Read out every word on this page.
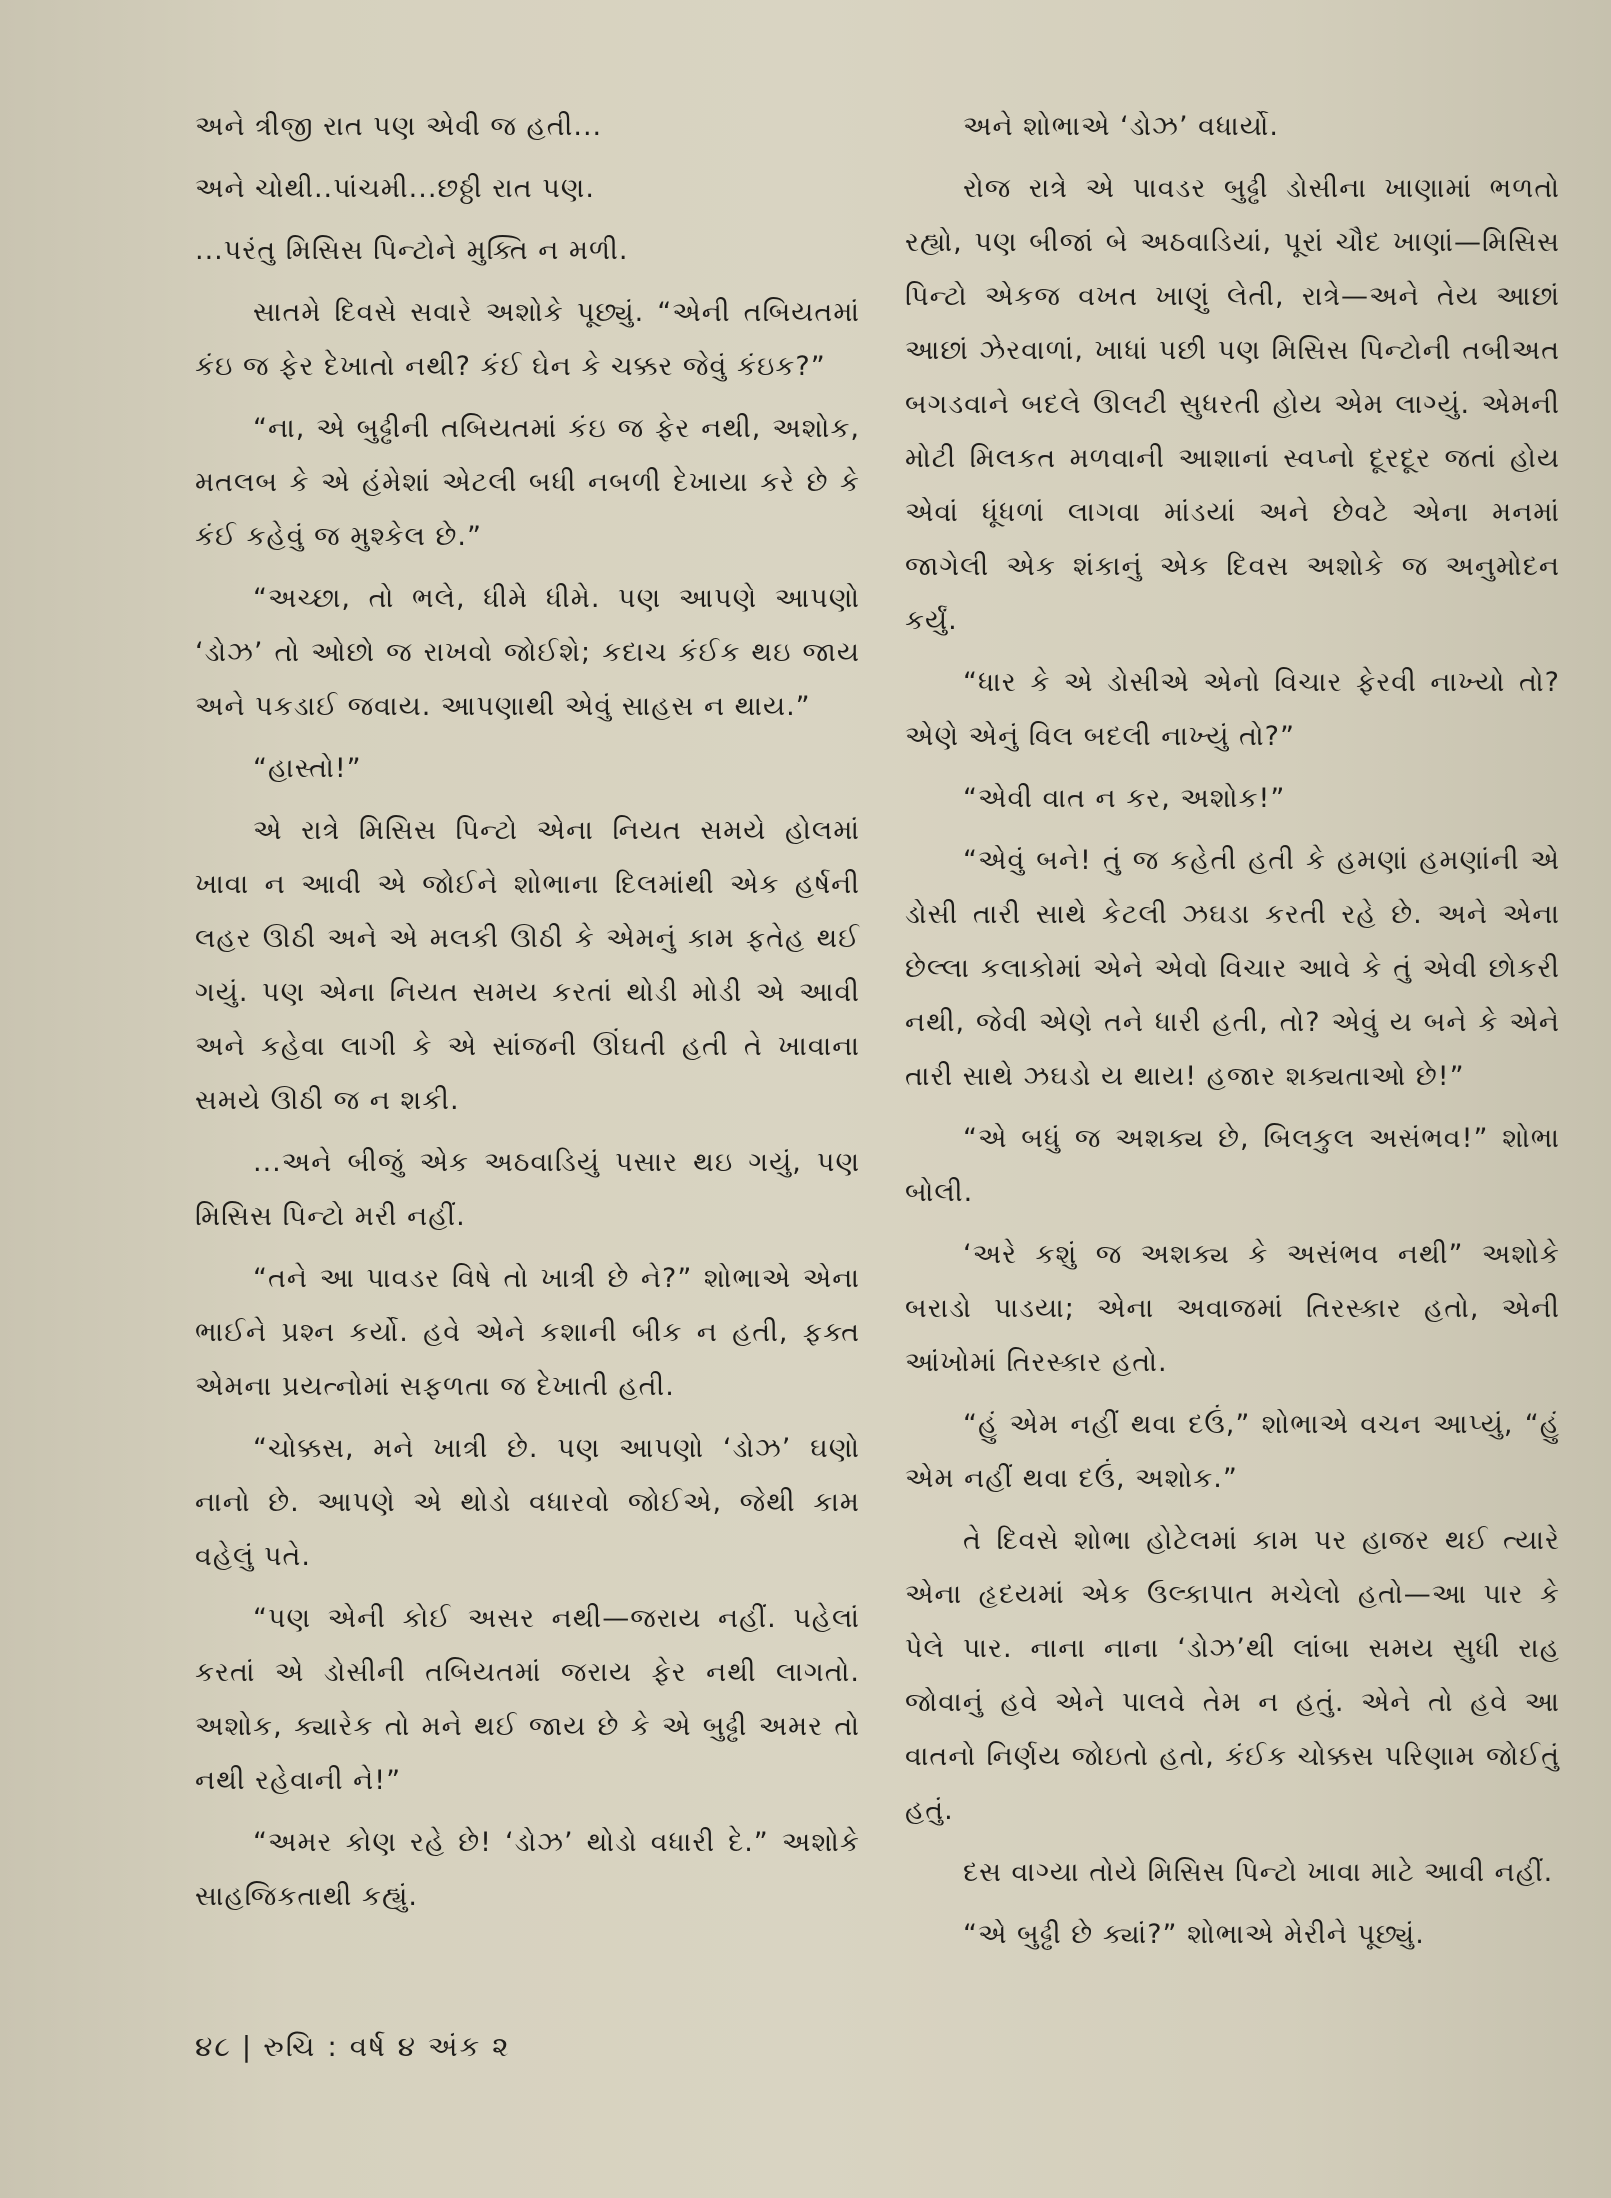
અને ત્રીજી રાત પણ એવી જ હતી...

અને ચોથી..પાંચમી...છઠ્ઠી રાત પણ.

...પરંતુ મિસિસ પિન્ટોને મુક્તિ ન મળી.

સાતમે દિવસે સવારે અશોકે પૂછ્યું. “એની તબિયતમાં કંઇ જ ફેર દેખાતો નથી? કંઈ ઘેન કે ચક્કર જેવું કંઇક?”

“ના, એ બુઢ્ઢીની તબિયતમાં કંઇ જ ફેર નથી, અશોક, મતલબ કે એ હંમેશાં એટલી બધી નબળી દેખાયા કરે છે કે કંઈ કહેવું જ મુશ્કેલ છે.”

“અચ્છા, તો ભલે, ધીમે ધીમે. પણ આપણે આપણો ‘ડોઝ’ તો ઓછો જ રાખવો જોઈશે; કદાચ કંઈક થઇ જાય અને પકડાઈ જવાય. આપણાથી એવું સાહસ ન થાય.”

“હાસ્તો!”

એ રાત્રે મિસિસ પિન્ટો એના નિયત સમયે હોલમાં ખાવા ન આવી એ જોઈને શોભાના દિલમાંથી એક હર્ષની લહર ઊઠી અને એ મલકી ઊઠી કે એમનું કામ ફતેહ થઈ ગયું. પણ એના નિયત સમય કરતાં થોડી મોડી એ આવી અને કહેવા લાગી કે એ સાંજની ઊંઘતી હતી તે ખાવાના સમયે ઊઠી જ ન શકી.

...અને બીજું એક અઠવાડિયું પસાર થઇ ગયું, પણ મિસિસ પિન્ટો મરી નહીં.

“તને આ પાવડર વિષે તો ખાત્રી છે ને?” શોભાએ એના ભાઈને પ્રશ્ન કર્યો. હવે એને કશાની બીક ન હતી, ફક્ત એમના પ્રયત્નોમાં સફળતા જ દેખાતી હતી.

“ચોક્કસ, મને ખાત્રી છે. પણ આપણો ‘ડોઝ’ ઘણો નાનો છે. આપણે એ થોડો વધારવો જોઈએ, જેથી કામ વહેલું પતે.

“પણ એની કોઈ અસર નથી—જરાય નહીં. પહેલાં કરતાં એ ડોસીની તબિયતમાં જરાય ફેર નથી લાગતો. અશોક, ક્યારેક તો મને થઈ જાય છે કે એ બુઢ્ઢી અમર તો નથી રહેવાની ને!”

“અમર કોણ રહે છે! ‘ડોઝ’ થોડો વધારી દે.” અશોકે સાહજિકતાથી કહ્યું.

અને શોભાએ ‘ડોઝ’ વધાર્યો.

રોજ રાત્રે એ પાવડર બુઢ્ઢી ડોસીના ખાણામાં ભળતો રહ્યો, પણ બીજાં બે અઠવાડિયાં, પૂરાં ચૌદ ખાણાં—મિસિસ પિન્ટો એકજ વખત ખાણું લેતી, રાત્રે—અને તેય આછાં આછાં ઝેરવાળાં, ખાધાં પછી પણ મિસિસ પિન્ટોની તબીઅત બગડવાને બદલે ઊલટી સુધરતી હોય એમ લાગ્યું. એમની મોટી મિલકત મળવાની આશાનાં સ્વપ્નો દૂરદૂર જતાં હોય એવાં ધૂંધળાં લાગવા માંડયાં અને છેવટે એના મનમાં જાગેલી એક શંકાનું એક દિવસ અશોકે જ અનુમોદન કર્યું.

“ધાર કે એ ડોસીએ એનો વિચાર ફેરવી નાખ્યો તો? એણે એનું વિલ બદલી નાખ્યું તો?”

“એવી વાત ન કર, અશોક!”

“એવું બને! તું જ કહેતી હતી કે હમણાં હમણાંની એ ડોસી તારી સાથે કેટલી ઝઘડા કરતી રહે છે. અને એના છેલ્લા કલાકોમાં એને એવો વિચાર આવે કે તું એવી છોકરી નથી, જેવી એણે તને ધારી હતી, તો? એવું ય બને કે એને તારી સાથે ઝઘડો ય થાય! હજાર શક્યતાઓ છે!”

“એ બધું જ અશક્ય છે, બિલકુલ અસંભવ!” શોભા બોલી.

‘અરે કશું જ અશક્ય કે અસંભવ નથી” અશોકે બરાડો પાડયા; એના અવાજમાં તિરસ્કાર હતો, એની આંખોમાં તિરસ્કાર હતો.

“હું એમ નહીં થવા દઉં,” શોભાએ વચન આપ્યું, “હું એમ નહીં થવા દઉં, અશોક.”

તે દિવસે શોભા હોટેલમાં કામ પર હાજર થઈ ત્યારે એના હૃદયમાં એક ઉલ્કાપાત મચેલો હતો—આ પાર કે પેલે પાર. નાના નાના ‘ડોઝ’થી લાંબા સમય સુધી રાહ જોવાનું હવે એને પાલવે તેમ ન હતું. એને તો હવે આ વાતનો નિર્ણય જોઇતો હતો, કંઈક ચોક્કસ પરિણામ જોઈતું હતું.

દસ વાગ્યા તોયે મિસિસ પિન્ટો ખાવા માટે આવી નહીં.

“એ બુઢ્ઢી છે ક્યાં?” શોભાએ મેરીને પૂછ્યું.

૪૮ | રુચિ : વર્ષ ૪ અંક ૨
